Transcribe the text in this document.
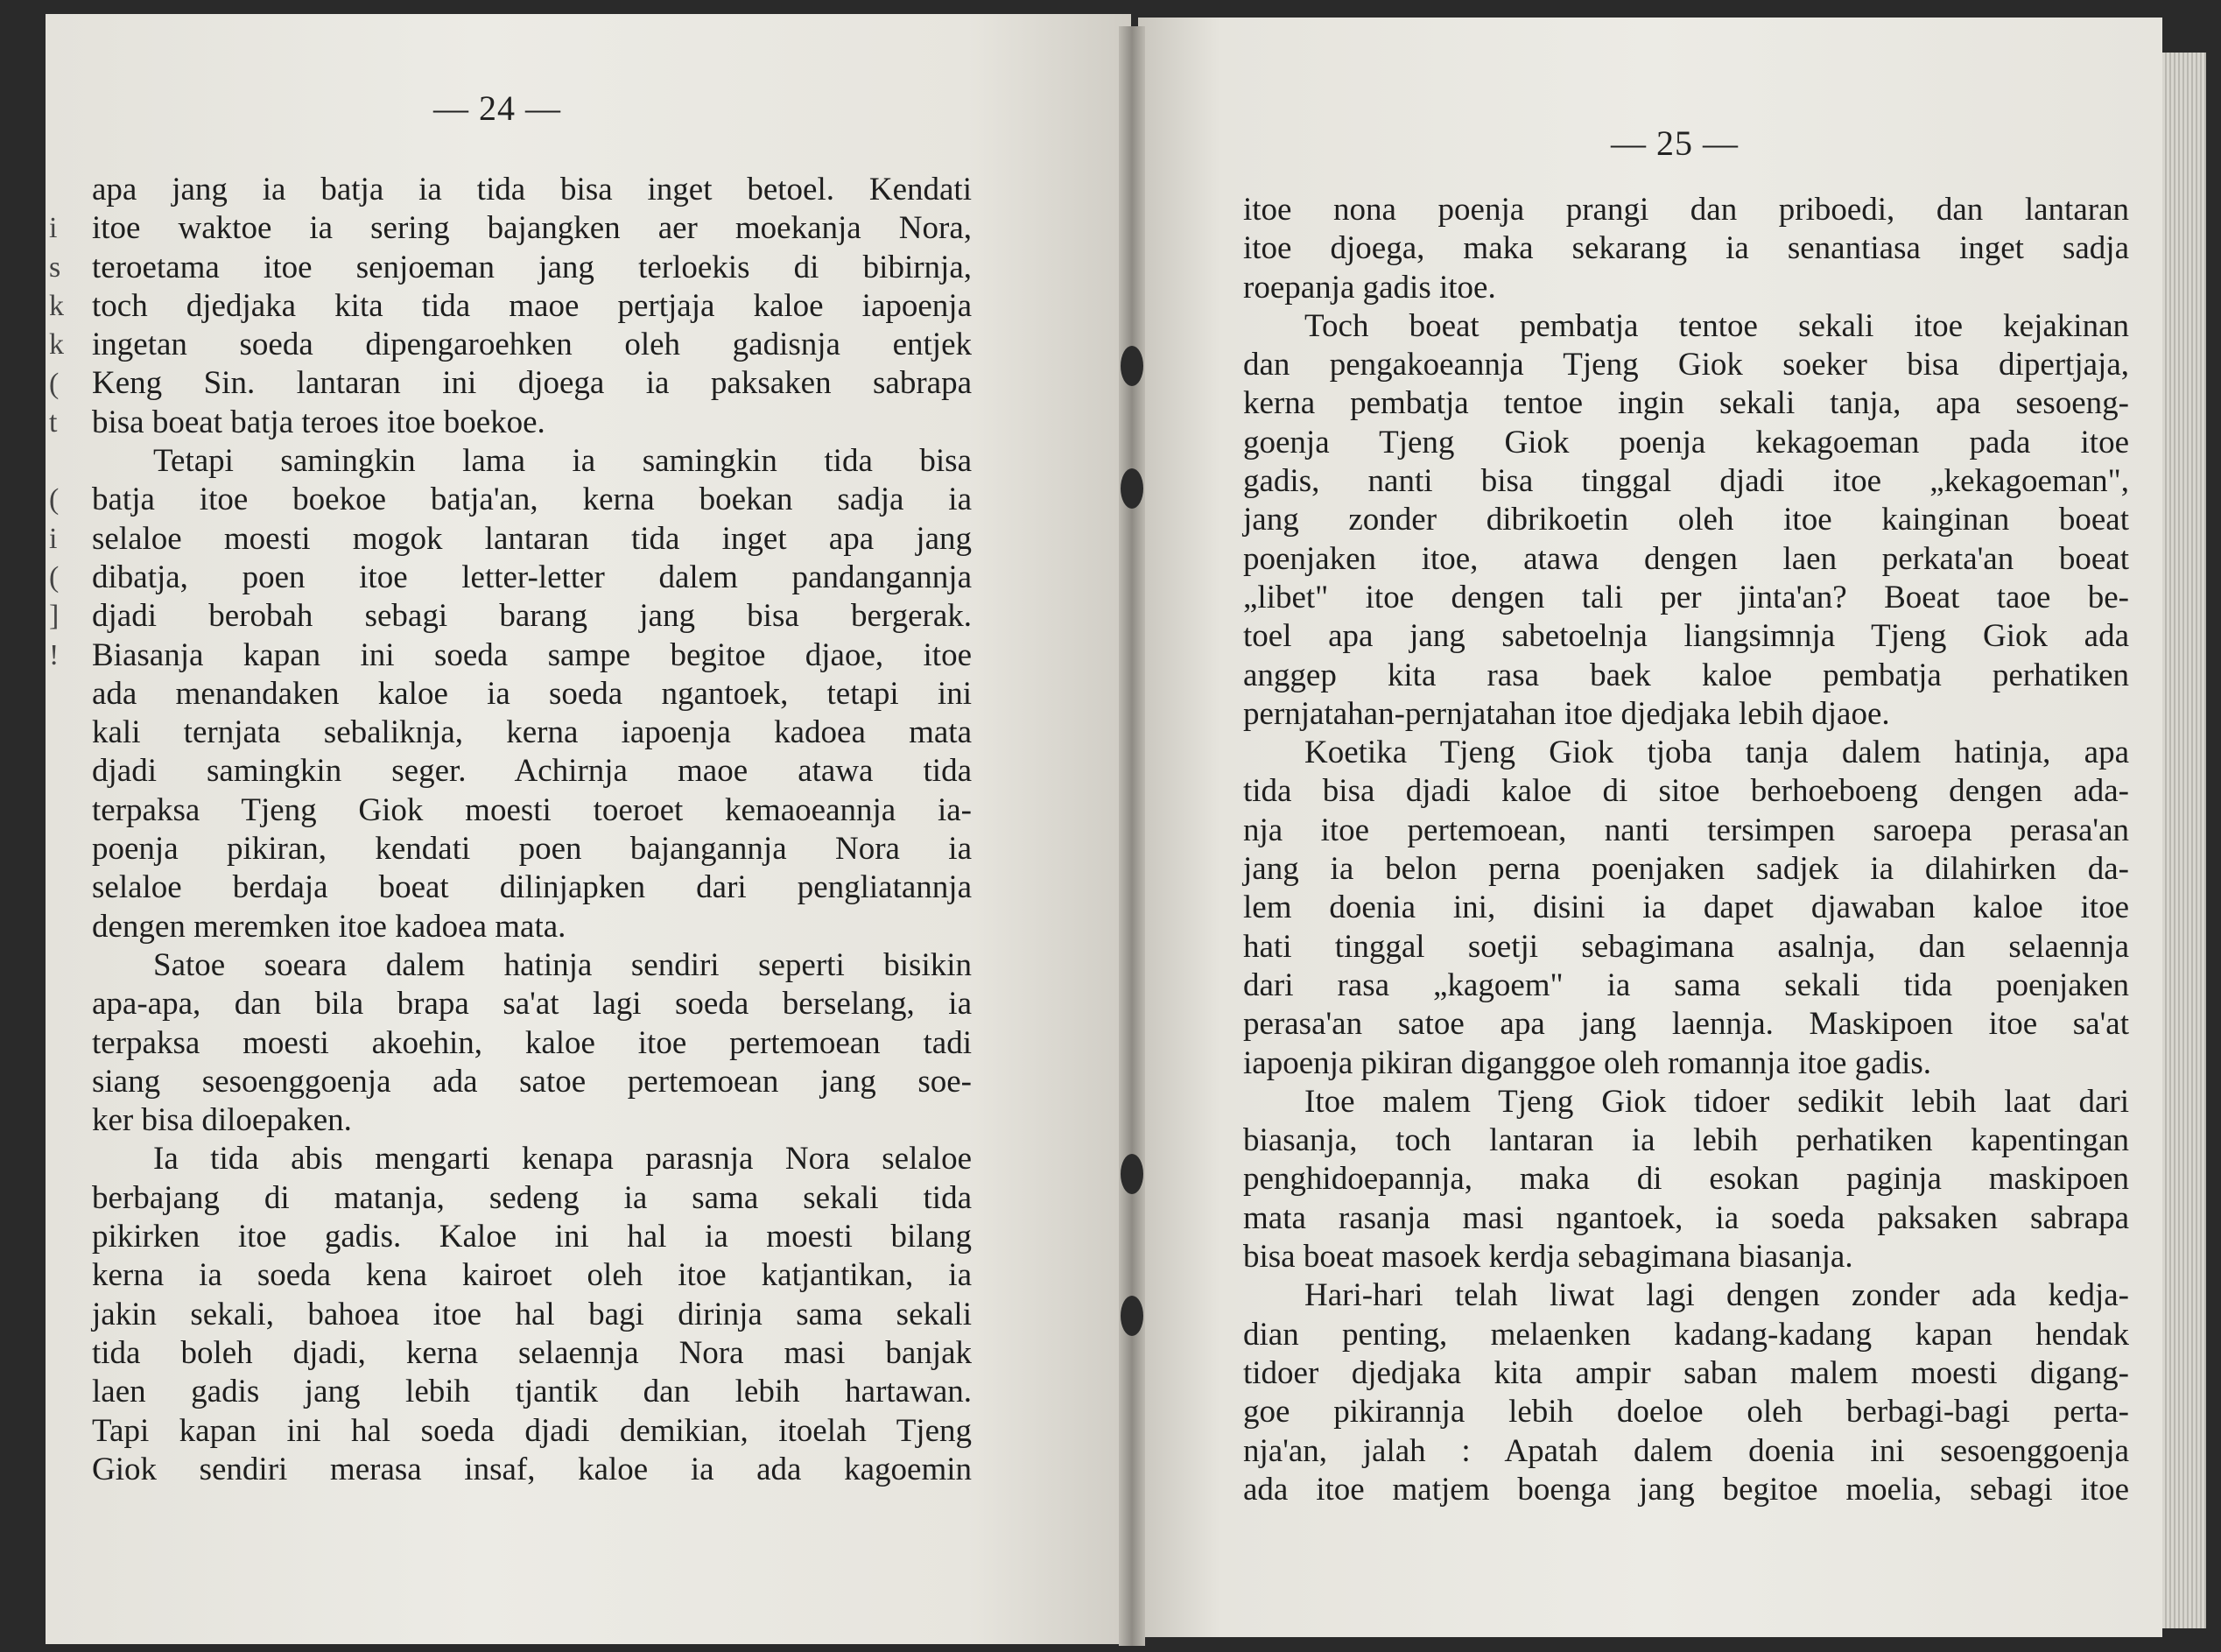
— 24 —
— 25 —
i
s
k
k
(
t
(
i
(
]
!
apa jang ia batja ia tida bisa inget betoel. Kendati
itoe waktoe ia sering bajangken aer moekanja Nora,
teroetama itoe senjoeman jang terloekis di bibirnja,
toch djedjaka kita tida maoe pertjaja kaloe iapoenja
ingetan soeda dipengaroehken oleh gadisnja entjek
Keng Sin. lantaran ini djoega ia paksaken sabrapa
bisa boeat batja teroes itoe boekoe.
Tetapi samingkin lama ia samingkin tida bisa
batja itoe boekoe batja'an, kerna boekan sadja ia
selaloe moesti mogok lantaran tida inget apa jang
dibatja, poen itoe letter-letter dalem pandangannja
djadi berobah sebagi barang jang bisa bergerak.
Biasanja kapan ini soeda sampe begitoe djaoe, itoe
ada menandaken kaloe ia soeda ngantoek, tetapi ini
kali ternjata sebaliknja, kerna iapoenja kadoea mata
djadi samingkin seger. Achirnja maoe atawa tida
terpaksa Tjeng Giok moesti toeroet kemaoeannja ia-
poenja pikiran, kendati poen bajangannja Nora ia
selaloe berdaja boeat dilinjapken dari pengliatannja
dengen meremken itoe kadoea mata.
Satoe soeara dalem hatinja sendiri seperti bisikin
apa-apa, dan bila brapa sa'at lagi soeda berselang, ia
terpaksa moesti akoehin, kaloe itoe pertemoean tadi
siang sesoenggoenja ada satoe pertemoean jang soe-
ker bisa diloepaken.
Ia tida abis mengarti kenapa parasnja Nora selaloe
berbajang di matanja, sedeng ia sama sekali tida
pikirken itoe gadis. Kaloe ini hal ia moesti bilang
kerna ia soeda kena kairoet oleh itoe katjantikan, ia
jakin sekali, bahoea itoe hal bagi dirinja sama sekali
tida boleh djadi, kerna selaennja Nora masi banjak
laen gadis jang lebih tjantik dan lebih hartawan.
Tapi kapan ini hal soeda djadi demikian, itoelah Tjeng
Giok sendiri merasa insaf, kaloe ia ada kagoemin
itoe nona poenja prangi dan priboedi, dan lantaran
itoe djoega, maka sekarang ia senantiasa inget sadja
roepanja gadis itoe.
Toch boeat pembatja tentoe sekali itoe kejakinan
dan pengakoeannja Tjeng Giok soeker bisa dipertjaja,
kerna pembatja tentoe ingin sekali tanja, apa sesoeng-
goenja Tjeng Giok poenja kekagoeman pada itoe
gadis, nanti bisa tinggal djadi itoe „kekagoeman",
jang zonder dibrikoetin oleh itoe kainginan boeat
poenjaken itoe, atawa dengen laen perkata'an boeat
„libet" itoe dengen tali per jinta'an? Boeat taoe be-
toel apa jang sabetoelnja liangsimnja Tjeng Giok ada
anggep kita rasa baek kaloe pembatja perhatiken
pernjatahan-pernjatahan itoe djedjaka lebih djaoe.
Koetika Tjeng Giok tjoba tanja dalem hatinja, apa
tida bisa djadi kaloe di sitoe berhoeboeng dengen ada-
nja itoe pertemoean, nanti tersimpen saroepa perasa'an
jang ia belon perna poenjaken sadjek ia dilahirken da-
lem doenia ini, disini ia dapet djawaban kaloe itoe
hati tinggal soetji sebagimana asalnja, dan selaennja
dari rasa „kagoem" ia sama sekali tida poenjaken
perasa'an satoe apa jang laennja. Maskipoen itoe sa'at
iapoenja pikiran diganggoe oleh romannja itoe gadis.
Itoe malem Tjeng Giok tidoer sedikit lebih laat dari
biasanja, toch lantaran ia lebih perhatiken kapentingan
penghidoepannja, maka di esokan paginja maskipoen
mata rasanja masi ngantoek, ia soeda paksaken sabrapa
bisa boeat masoek kerdja sebagimana biasanja.
Hari-hari telah liwat lagi dengen zonder ada kedja-
dian penting, melaenken kadang-kadang kapan hendak
tidoer djedjaka kita ampir saban malem moesti digang-
goe pikirannja lebih doeloe oleh berbagi-bagi perta-
nja'an, jalah : Apatah dalem doenia ini sesoenggoenja
ada itoe matjem boenga jang begitoe moelia, sebagi itoe
